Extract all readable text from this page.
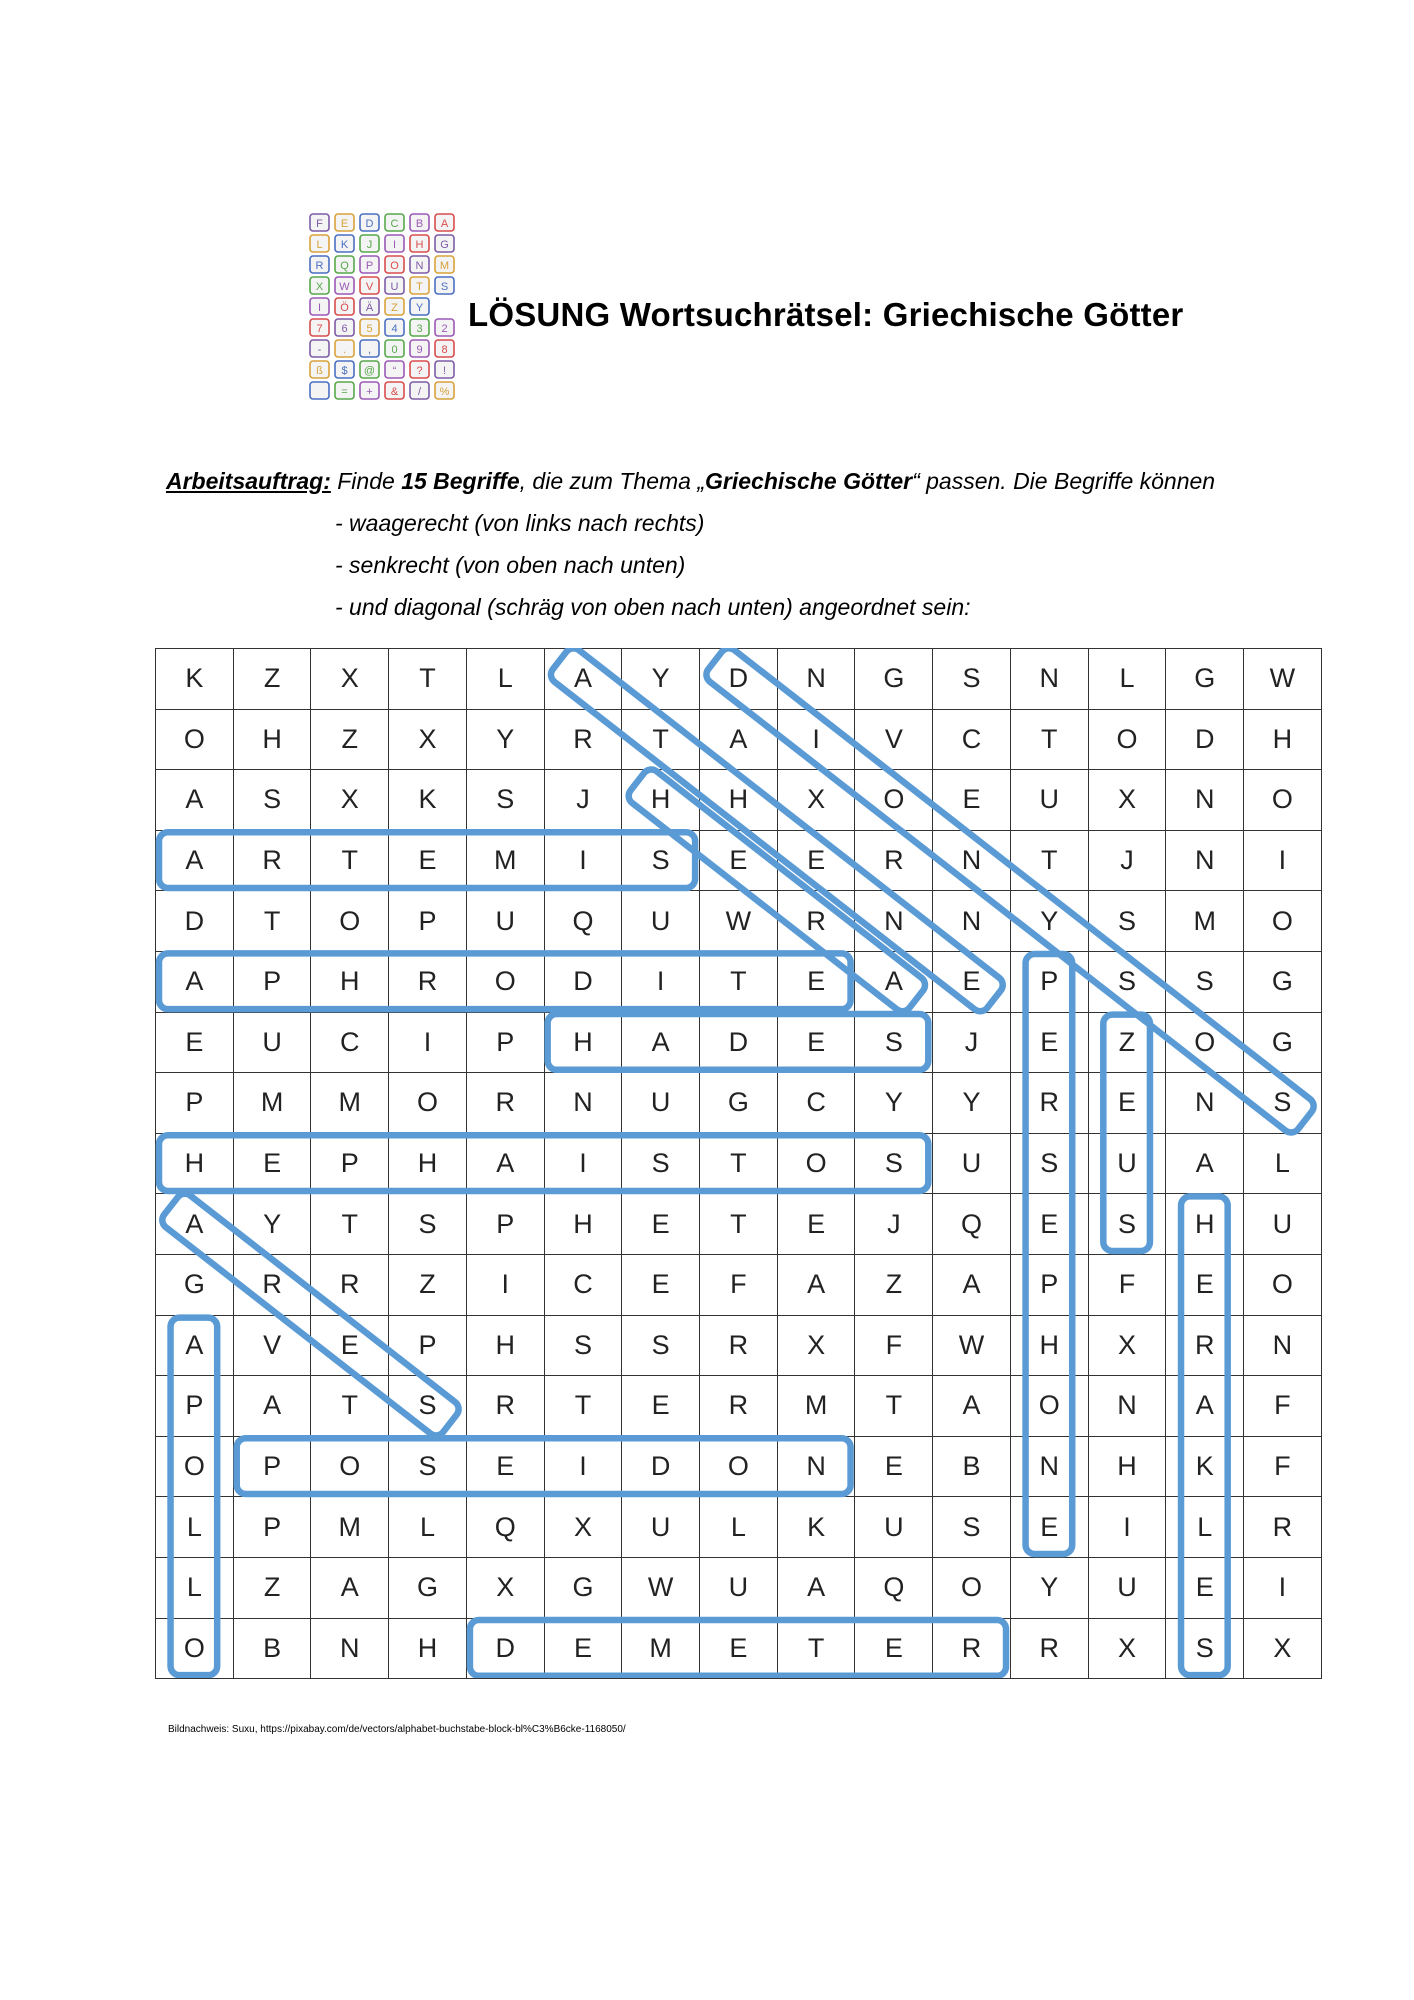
F E D C B A
L K J I H G
R Q P O N M
X W V U T S
I Ö Ä Z Y
7 6 5 4 3 2
- . , 0 9 8
ß $ @ “ ? !
= + & / %
LÖSUNG Wortsuchrätsel: Griechische Götter
Arbeitsauftrag: Finde 15 Begriffe, die zum Thema „Griechische Götter“ passen. Die Begriffe können
- waagerecht (von links nach rechts)
- senkrecht (von oben nach unten)
- und diagonal (schräg von oben nach unten) angeordnet sein:
K	Z	X	T	L	A	Y	D	N	G	S	N	L	G	W
O	H	Z	X	Y	R	T	A	I	V	C	T	O	D	H
A	S	X	K	S	J	H	H	X	O	E	U	X	N	O
A	R	T	E	M	I	S	E	E	R	N	T	J	N	I
D	T	O	P	U	Q	U	W	R	N	N	Y	S	M	O
A	P	H	R	O	D	I	T	E	A	E	P	S	S	G
E	U	C	I	P	H	A	D	E	S	J	E	Z	O	G
P	M	M	O	R	N	U	G	C	Y	Y	R	E	N	S
H	E	P	H	A	I	S	T	O	S	U	S	U	A	L
A	Y	T	S	P	H	E	T	E	J	Q	E	S	H	U
G	R	R	Z	I	C	E	F	A	Z	A	P	F	E	O
A	V	E	P	H	S	S	R	X	F	W	H	X	R	N
P	A	T	S	R	T	E	R	M	T	A	O	N	A	F
O	P	O	S	E	I	D	O	N	E	B	N	H	K	F
L	P	M	L	Q	X	U	L	K	U	S	E	I	L	R
L	Z	A	G	X	G	W	U	A	Q	O	Y	U	E	I
O	B	N	H	D	E	M	E	T	E	R	R	X	S	X
Bildnachweis: Suxu, https://pixabay.com/de/vectors/alphabet-buchstabe-block-bl%C3%B6cke-1168050/
